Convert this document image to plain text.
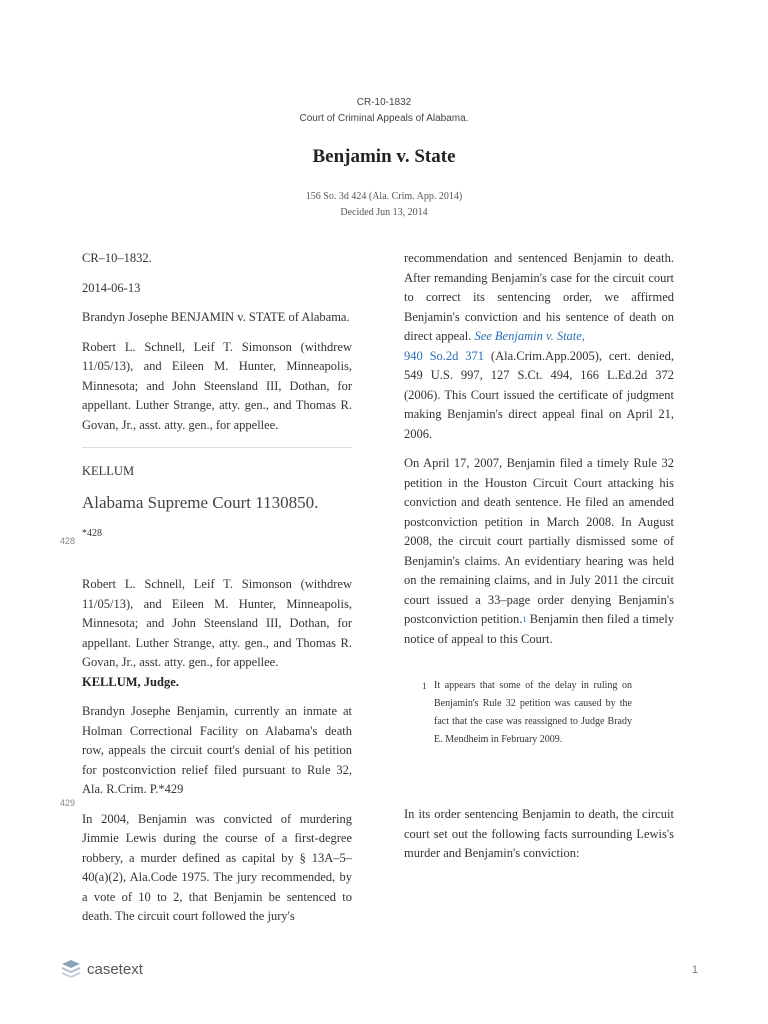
CR-10-1832
Court of Criminal Appeals of Alabama.
Benjamin v. State
156 So. 3d 424 (Ala. Crim. App. 2014)
Decided Jun 13, 2014

CR–10–1832.

2014-06-13

Brandyn Josephe BENJAMIN v. STATE of Alabama.

Robert L. Schnell, Leif T. Simonson (withdrew 11/05/13), and Eileen M. Hunter, Minneapolis, Minnesota; and John Steensland III, Dothan, for appellant. Luther Strange, atty. gen., and Thomas R. Govan, Jr., asst. atty. gen., for appellee.

KELLUM

Alabama Supreme Court 1130850.

*428

Robert L. Schnell, Leif T. Simonson (withdrew 11/05/13), and Eileen M. Hunter, Minneapolis, Minnesota; and John Steensland III, Dothan, for appellant. Luther Strange, atty. gen., and Thomas R. Govan, Jr., asst. atty. gen., for appellee.
KELLUM, Judge.

Brandyn Josephe Benjamin, currently an inmate at Holman Correctional Facility on Alabama's death row, appeals the circuit court's denial of his petition for postconviction relief filed pursuant to Rule 32, Ala. R.Crim. P.*429

In 2004, Benjamin was convicted of murdering Jimmie Lewis during the course of a first-degree robbery, a murder defined as capital by § 13A–5–40(a)(2), Ala.Code 1975. The jury recommended, by a vote of 10 to 2, that Benjamin be sentenced to death. The circuit court followed the jury's

428
429

recommendation and sentenced Benjamin to death. After remanding Benjamin's case for the circuit court to correct its sentencing order, we affirmed Benjamin's conviction and his sentence of death on direct appeal. See Benjamin v. State,
940 So.2d 371 (Ala.Crim.App.2005), cert. denied, 549 U.S. 997, 127 S.Ct. 494, 166 L.Ed.2d 372 (2006). This Court issued the certificate of judgment making Benjamin's direct appeal final on April 21, 2006.

On April 17, 2007, Benjamin filed a timely Rule 32 petition in the Houston Circuit Court attacking his conviction and death sentence. He filed an amended postconviction petition in March 2008. In August 2008, the circuit court partially dismissed some of Benjamin's claims. An evidentiary hearing was held on the remaining claims, and in July 2011 the circuit court issued a 33–page order denying Benjamin's postconviction petition.$^1$ Benjamin then filed a timely notice of appeal to this Court.

1 It appears that some of the delay in ruling on Benjamin's Rule 32 petition was caused by the fact that the case was reassigned to Judge Brady E. Mendheim in February 2009.

In its order sentencing Benjamin to death, the circuit court set out the following facts surrounding Lewis's murder and Benjamin's conviction:

casetext	1
